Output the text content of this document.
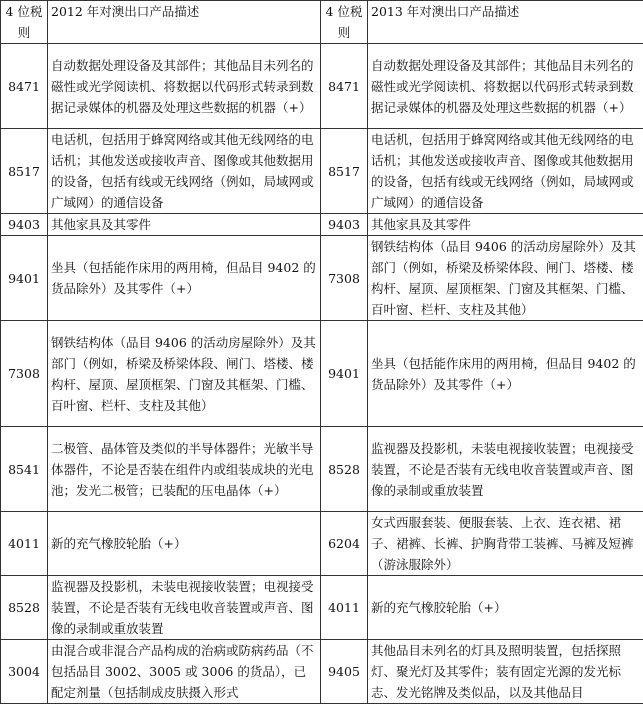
4 位税则	2012 年对澳出口产品描述	4 位税则	2013 年对澳出口产品描述
8471	自动数据处理设备及其部件；其他品目未列名的磁性或光学阅读机、将数据以代码形式转录到数据记录媒体的机器及处理这些数据的机器（+）	8471	自动数据处理设备及其部件；其他品目未列名的磁性或光学阅读机、将数据以代码形式转录到数据记录媒体的机器及处理这些数据的机器（+）
8517	电话机，包括用于蜂窝网络或其他无线网络的电话机；其他发送或接收声音、图像或其他数据用的设备，包括有线或无线网络（例如，局域网或广域网）的通信设备	8517	电话机，包括用于蜂窝网络或其他无线网络的电话机；其他发送或接收声音、图像或其他数据用的设备，包括有线或无线网络（例如，局域网或广域网）的通信设备
9403	其他家具及其零件	9403	其他家具及其零件
9401	坐具（包括能作床用的两用椅，但品目 9402 的货品除外）及其零件（+）	7308	钢铁结构体（品目 9406 的活动房屋除外）及其部门（例如，桥梁及桥梁体段、闸门、塔楼、楼构杆、屋顶、屋顶框架、门窗及其框架、门槛、百叶窗、栏杆、支柱及其他）
7308	钢铁结构体（品目 9406 的活动房屋除外）及其部门（例如，桥梁及桥梁体段、闸门、塔楼、楼构杆、屋顶、屋顶框架、门窗及其框架、门槛、百叶窗、栏杆、支柱及其他）	9401	坐具（包括能作床用的两用椅，但品目 9402 的货品除外）及其零件（+）
8541	二极管、晶体管及类似的半导体器件；光敏半导体器件，不论是否装在组件内或组装成块的光电池；发光二极管；已装配的压电晶体（+）	8528	监视器及投影机，未装电视接收装置；电视接受装置，不论是否装有无线电收音装置或声音、图像的录制或重放装置
4011	新的充气橡胶轮胎（+）	6204	女式西服套装、便服套装、上衣、连衣裙、裙子、裙裤、长裤、护胸背带工装裤、马裤及短裤（游泳服除外）
8528	监视器及投影机，未装电视接收装置；电视接受装置，不论是否装有无线电收音装置或声音、图像的录制或重放装置	4011	新的充气橡胶轮胎（+）
3004	由混合或非混合产品构成的治病或防病药品（不包括品目 3002、3005 或 3006 的货品），已配定剂量（包括制成皮肤摄入形式	9405	其他品目未列名的灯具及照明装置，包括探照灯、聚光灯及其零件；装有固定光源的发光标志、发光铭牌及类似品，以及其他品目
